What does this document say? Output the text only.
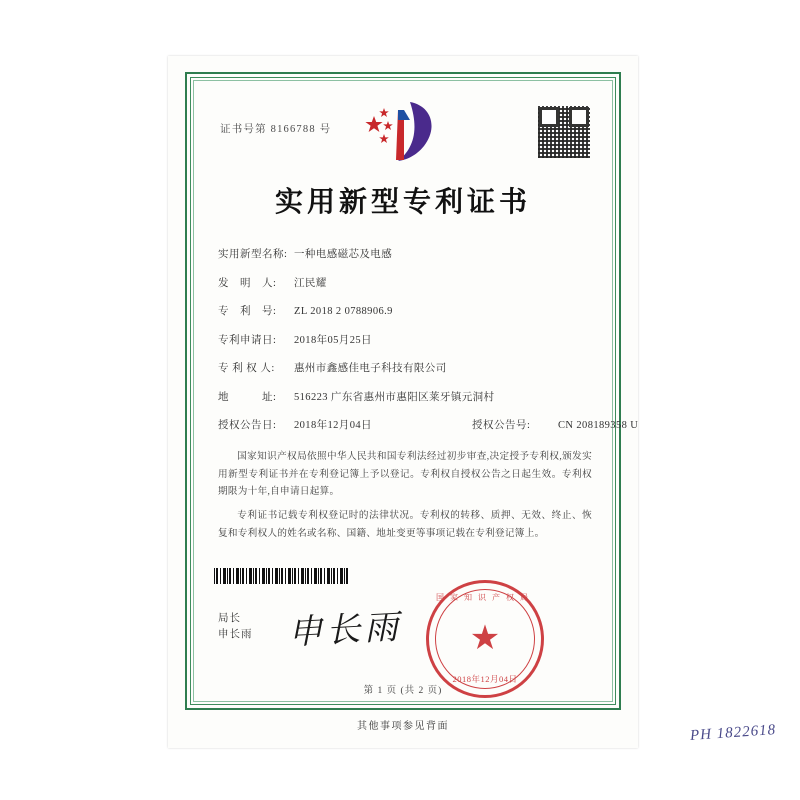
证书号第 8166788 号
实用新型专利证书
实用新型名称: 一种电感磁芯及电感
发　明　人:	江民耀
专　利　号:	ZL 2018 2 0788906.9
专利申请日:	2018年05月25日
专 利 权 人:	惠州市鑫感佳电子科技有限公司
地　　　址:	516223 广东省惠州市惠阳区莱牙镇元洞村
授权公告日:	2018年12月04日	授权公告号:	CN 208189358 U

国家知识产权局依照中华人民共和国专利法经过初步审查,决定授予专利权,颁发实用新型专利证书并在专利登记簿上予以登记。专利权自授权公告之日起生效。专利权期限为十年,自申请日起算。

专利证书记载专利权登记时的法律状况。专利权的转移、质押、无效、终止、恢复和专利权人的姓名或名称、国籍、地址变更等事项记载在专利登记簿上。

局长
申长雨 申长雨
国家知识产权局
★
2018年12月04日
第 1 页 (共 2 页)
其他事项参见背面	PH 1822618
